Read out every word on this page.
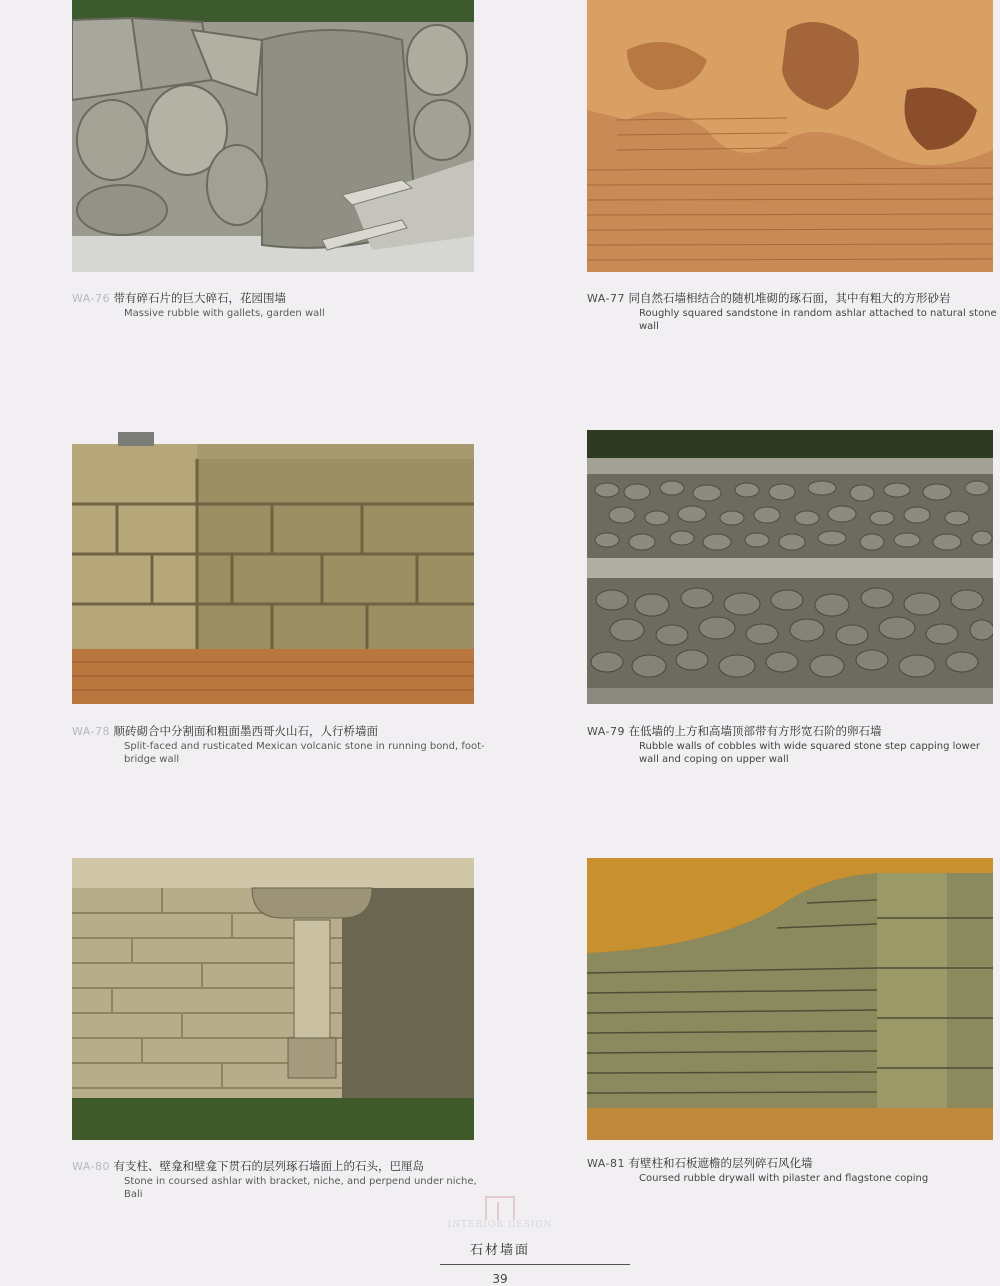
WA-76 带有碎石片的巨大碎石，花园围墙
Massive rubble with gallets, garden wall
WA-77 同自然石墙相结合的随机堆砌的琢石面，其中有粗大的方形砂岩
Roughly squared sandstone in random ashlar attached to natural stone wall
WA-78 顺砖砌合中分割面和粗面墨西哥火山石，人行桥墙面
Split-faced and rusticated Mexican volcanic stone in running bond, foot-bridge wall
WA-79 在低墙的上方和高墙顶部带有方形宽石阶的卵石墙
Rubble walls of cobbles with wide squared stone step capping lower wall and coping on upper wall
WA-80 有支柱、壁龛和壁龛下贯石的层列琢石墙面上的石头，巴厘岛
Stone in coursed ashlar with bracket, niche, and perpend under niche, Bali
WA-81 有壁柱和石板遮檐的层列碎石风化墙
Coursed rubble drywall with pilaster and flagstone coping
INTERIOR DESIGN
石材墙面
39
